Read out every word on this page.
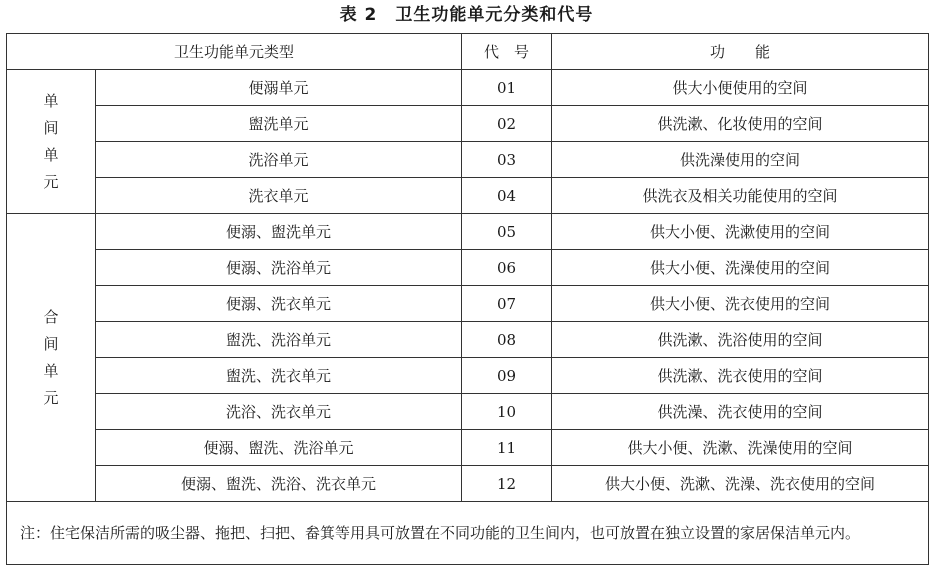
表 2　卫生功能单元分类和代号
卫生功能单元类型		代　号	功　　能
单间单元	便溺单元	01	供大小便使用的空间
	盥洗单元	02	供洗漱、化妆使用的空间
	洗浴单元	03	供洗澡使用的空间
	洗衣单元	04	供洗衣及相关功能使用的空间
合间单元	便溺、盥洗单元	05	供大小便、洗漱使用的空间
	便溺、洗浴单元	06	供大小便、洗澡使用的空间
	便溺、洗衣单元	07	供大小便、洗衣使用的空间
	盥洗、洗浴单元	08	供洗漱、洗浴使用的空间
	盥洗、洗衣单元	09	供洗漱、洗衣使用的空间
	洗浴、洗衣单元	10	供洗澡、洗衣使用的空间
	便溺、盥洗、洗浴单元	11	供大小便、洗漱、洗澡使用的空间
	便溺、盥洗、洗浴、洗衣单元	12	供大小便、洗漱、洗澡、洗衣使用的空间
注：住宅保洁所需的吸尘器、拖把、扫把、畚箕等用具可放置在不同功能的卫生间内，也可放置在独立设置的家居保洁单元内。			
